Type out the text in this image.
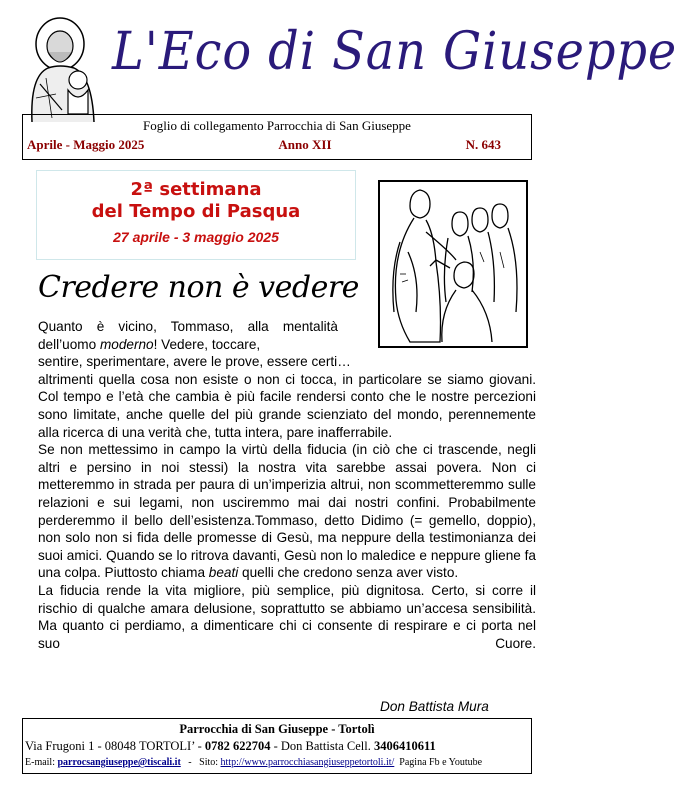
L'Eco di San Giuseppe
Foglio di collegamento Parrocchia di San Giuseppe
Aprile - Maggio 2025	Anno XII	N. 643
2ª settimana
del Tempo di Pasqua
27 aprile - 3 maggio 2025
Credere non è vedere

Quanto è vicino, Tommaso, alla mentalità dell’uomo moderno! Vedere, toccare,

sentire, sperimentare, avere le prove, essere certi…

altrimenti quella cosa non esiste o non ci tocca, in particolare se siamo giovani. Col tempo e l’età che cambia è più facile rendersi conto che le nostre percezioni sono limitate, anche quelle del più grande scienziato del mondo, perennemente alla ricerca di una verità che, tutta intera, pare inafferrabile.

Se non mettessimo in campo la virtù della fiducia (in ciò che ci trascende, negli altri e persino in noi stessi) la nostra vita sarebbe assai povera. Non ci metteremmo in strada per paura di un’imperizia altrui, non scommetteremmo sulle relazioni e sui legami, non usciremmo mai dai nostri confini. Probabilmente perderemmo il bello dell’esistenza.Tommaso, detto Didimo (= gemello, doppio), non solo non si fida delle promesse di Gesù, ma neppure della testimonianza dei suoi amici. Quando se lo ritrova davanti, Gesù non lo maledice e neppure gliene fa una colpa. Piuttosto chiama beati quelli che credono senza aver visto.

La fiducia rende la vita migliore, più semplice, più dignitosa. Certo, si corre il rischio di qualche amara delusione, soprattutto se abbiamo un’accesa sensibilità. Ma quanto ci perdiamo, a dimenticare chi ci consente di respirare e ci porta nel suo Cuore.

Don Battista Mura
Parrocchia di San Giuseppe - Tortolì
Via Frugoni 1 - 08048 TORTOLI’ - 0782 622704 - Don Battista Cell. 3406410611
E-mail: parrocsangiuseppe@tiscali.it   -   Sito: http://www.parrocchiasangiuseppetortoli.it/  Pagina Fb e Youtube
